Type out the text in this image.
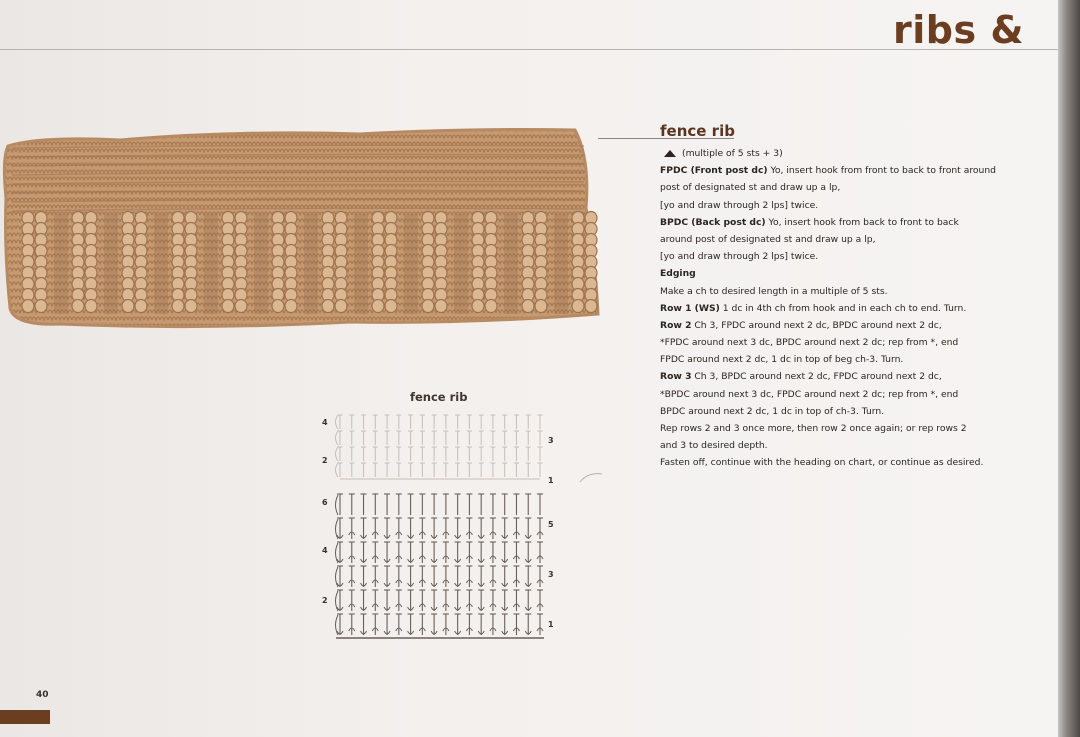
ribs &
fence rib
(multiple of 5 sts + 3)
FPDC (Front post dc) Yo, insert hook from front to back to front around
post of designated st and draw up a lp,
[yo and draw through 2 lps] twice.
BPDC (Back post dc) Yo, insert hook from back to front to back
around post of designated st and draw up a lp,
[yo and draw through 2 lps] twice.
Edging
Make a ch to desired length in a multiple of 5 sts.
Row 1 (WS) 1 dc in 4th ch from hook and in each ch to end. Turn.
Row 2 Ch 3, FPDC around next 2 dc, BPDC around next 2 dc,
*FPDC around next 3 dc, BPDC around next 2 dc; rep from *, end
FPDC around next 2 dc, 1 dc in top of beg ch-3. Turn.
Row 3 Ch 3, BPDC around next 2 dc, FPDC around next 2 dc,
*BPDC around next 3 dc, FPDC around next 2 dc; rep from *, end
BPDC around next 2 dc, 1 dc in top of ch-3. Turn.
Rep rows 2 and 3 once more, then row 2 once again; or rep rows 2
and 3 to desired depth.
Fasten off, continue with the heading on chart, or continue as desired.
fence rib
4
2
3
1
6
4
2
5
3
1
40
